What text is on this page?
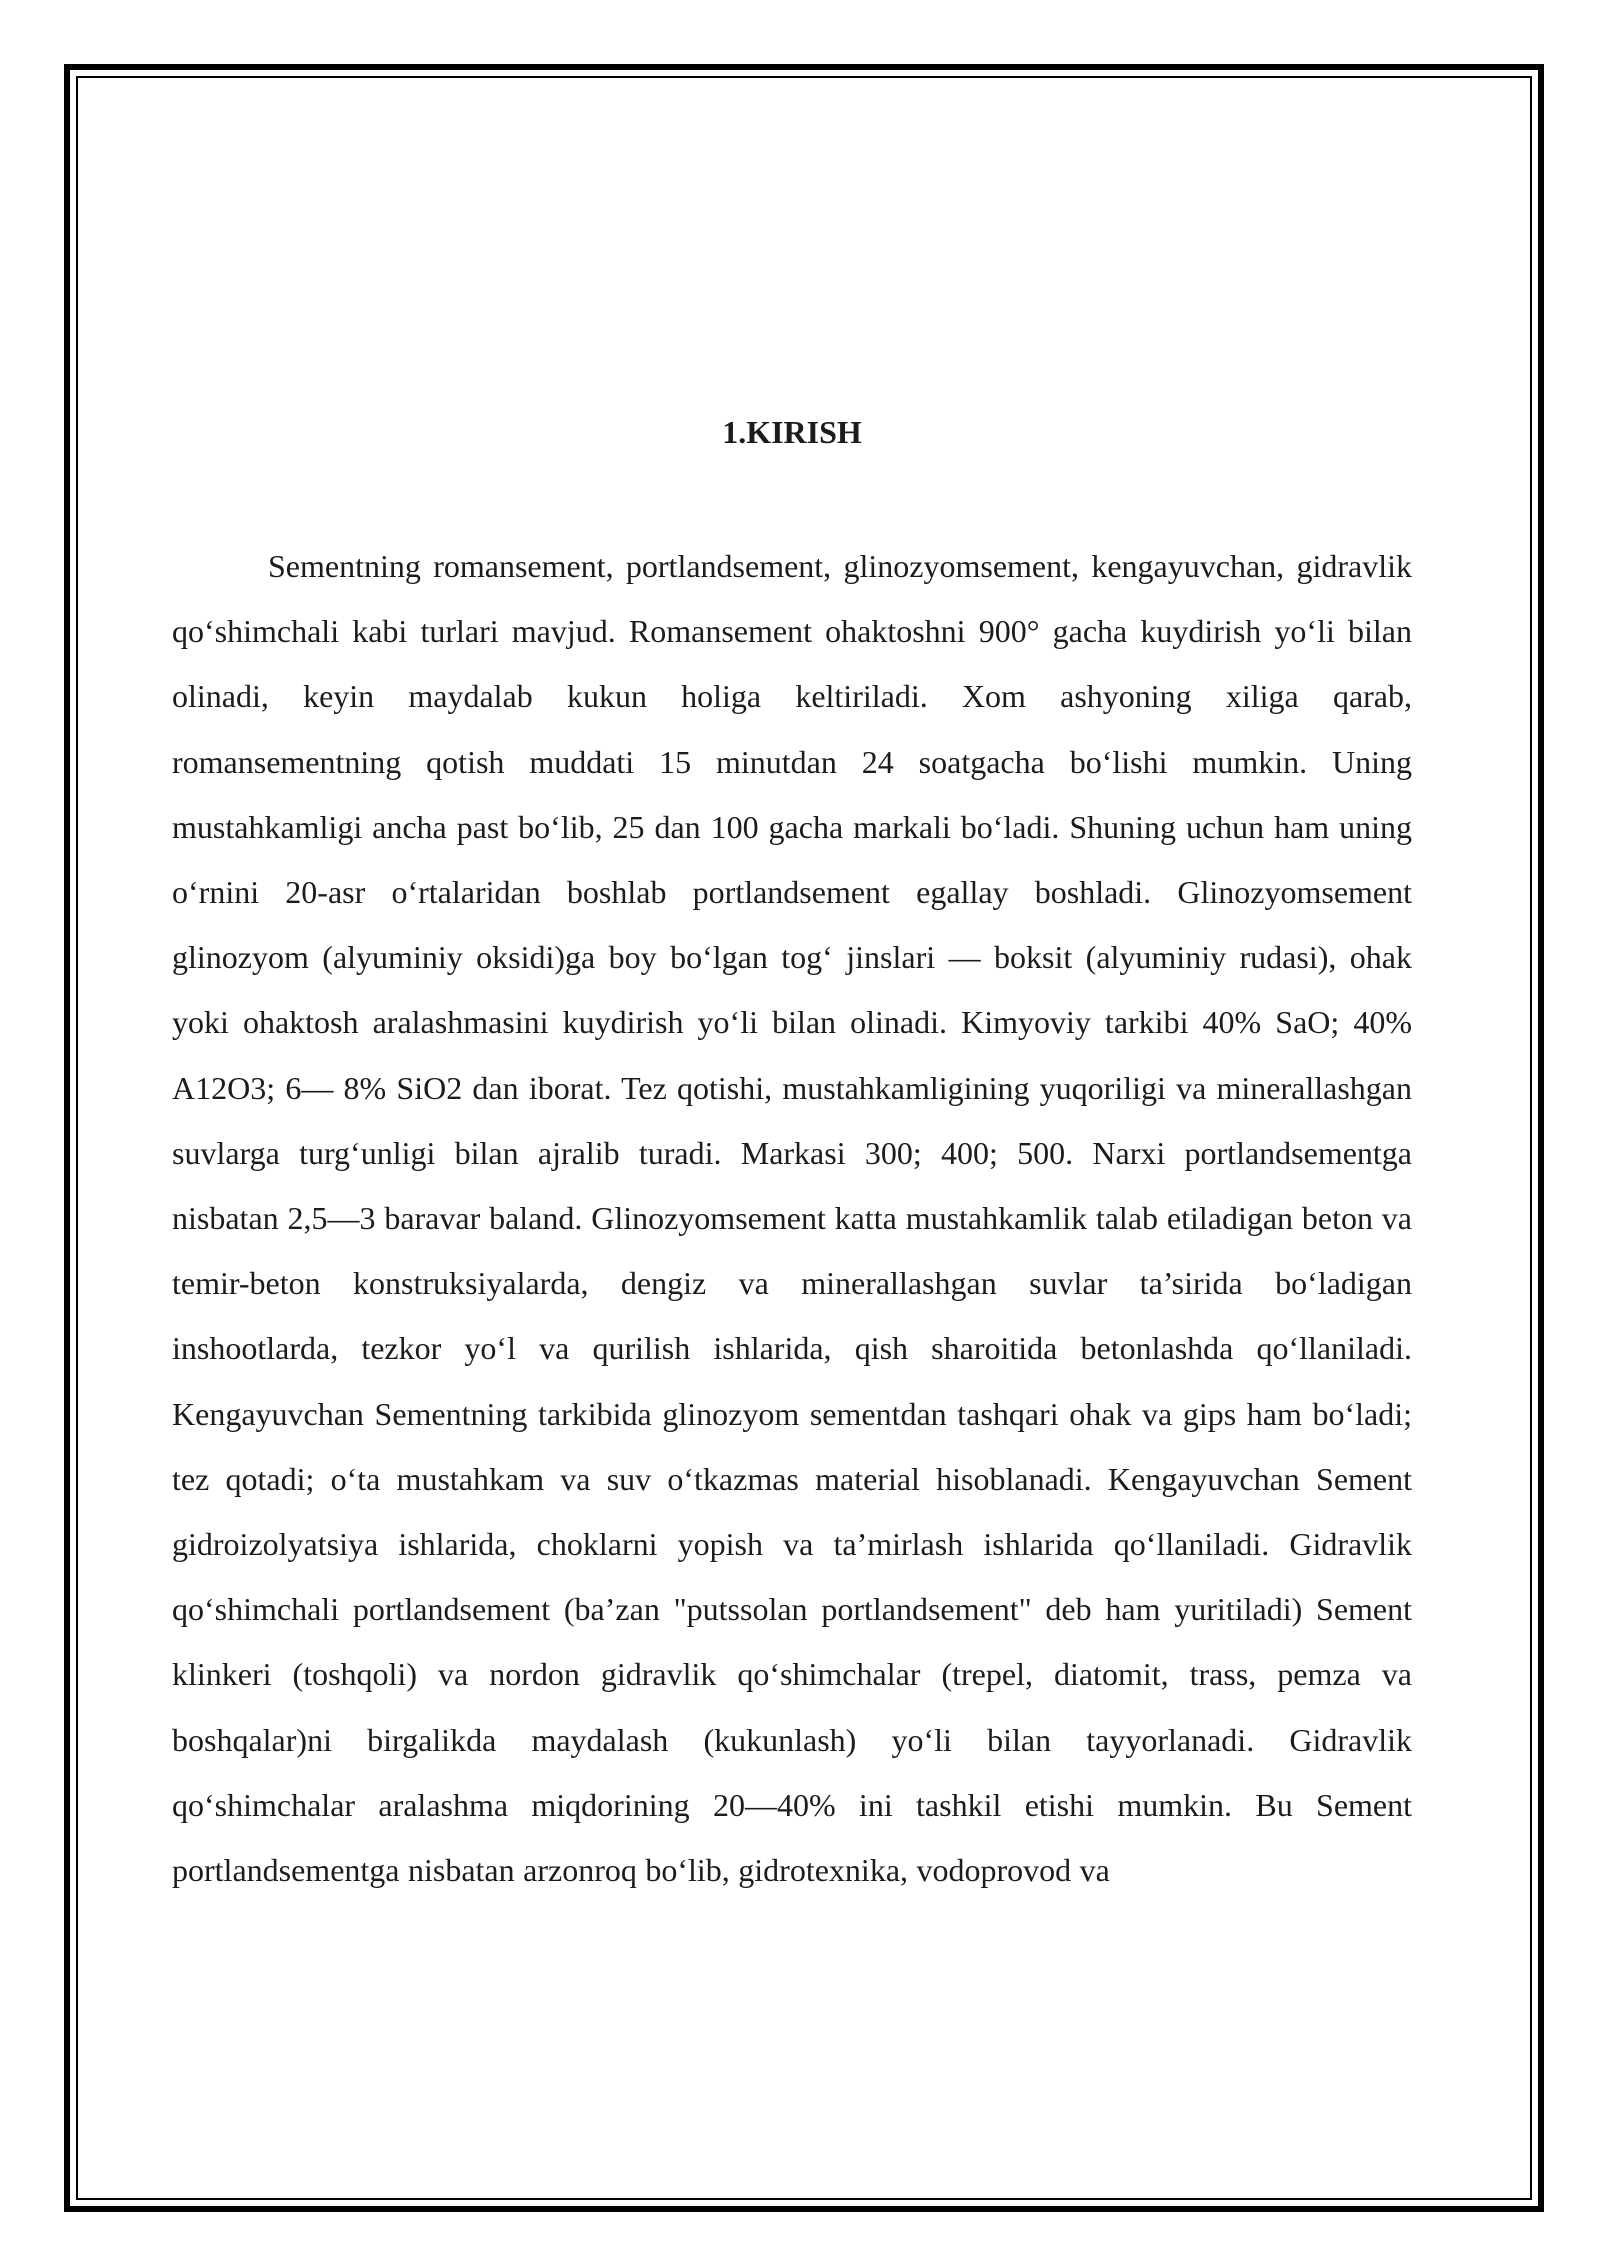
1.KIRISH

Sementning romansement, portlandsement, glinozyomsement, kengayuvchan, gidravlik qo‘shimchali kabi turlari mavjud. Romansement ohaktoshni 900° gacha kuydirish yo‘li bilan olinadi, keyin maydalab kukun holiga keltiriladi. Xom ashyoning xiliga qarab, romansementning qotish muddati 15 minutdan 24 soatgacha bo‘lishi mumkin. Uning mustahkamligi ancha past bo‘lib, 25 dan 100 gacha markali bo‘ladi. Shuning uchun ham uning o‘rnini 20-asr o‘rtalaridan boshlab portlandsement egallay boshladi. Glinozyomsement glinozyom (alyuminiy oksidi)ga boy bo‘lgan tog‘ jinslari — boksit (alyuminiy rudasi), ohak yoki ohaktosh aralashmasini kuydirish yo‘li bilan olinadi. Kimyoviy tarkibi 40% SaO; 40% A12O3; 6— 8% SiO2 dan iborat. Tez qotishi, mustahkamligining yuqoriligi va minerallashgan suvlarga turg‘unligi bilan ajralib turadi. Markasi 300; 400; 500. Narxi portlandsementga nisbatan 2,5—3 baravar baland. Glinozyomsement katta mustahkamlik talab etiladigan beton va temir-beton konstruksiyalarda, dengiz va minerallashgan suvlar ta’sirida bo‘ladigan inshootlarda, tezkor yo‘l va qurilish ishlarida, qish sharoitida betonlashda qo‘llaniladi. Kengayuvchan Sementning tarkibida glinozyom sementdan tashqari ohak va gips ham bo‘ladi; tez qotadi; o‘ta mustahkam va suv o‘tkazmas material hisoblanadi. Kengayuvchan Sement gidroizolyatsiya ishlarida, choklarni yopish va ta’mirlash ishlarida qo‘llaniladi. Gidravlik qo‘shimchali portlandsement (ba’zan "putssolan portlandsement" deb ham yuritiladi) Sement klinkeri (toshqoli) va nordon gidravlik qo‘shimchalar (trepel, diatomit, trass, pemza va boshqalar)ni birgalikda maydalash (kukunlash) yo‘li bilan tayyorlanadi. Gidravlik qo‘shimchalar aralashma miqdorining 20—40% ini tashkil etishi mumkin. Bu Sement portlandsementga nisbatan arzonroq bo‘lib, gidrotexnika, vodoprovod va
